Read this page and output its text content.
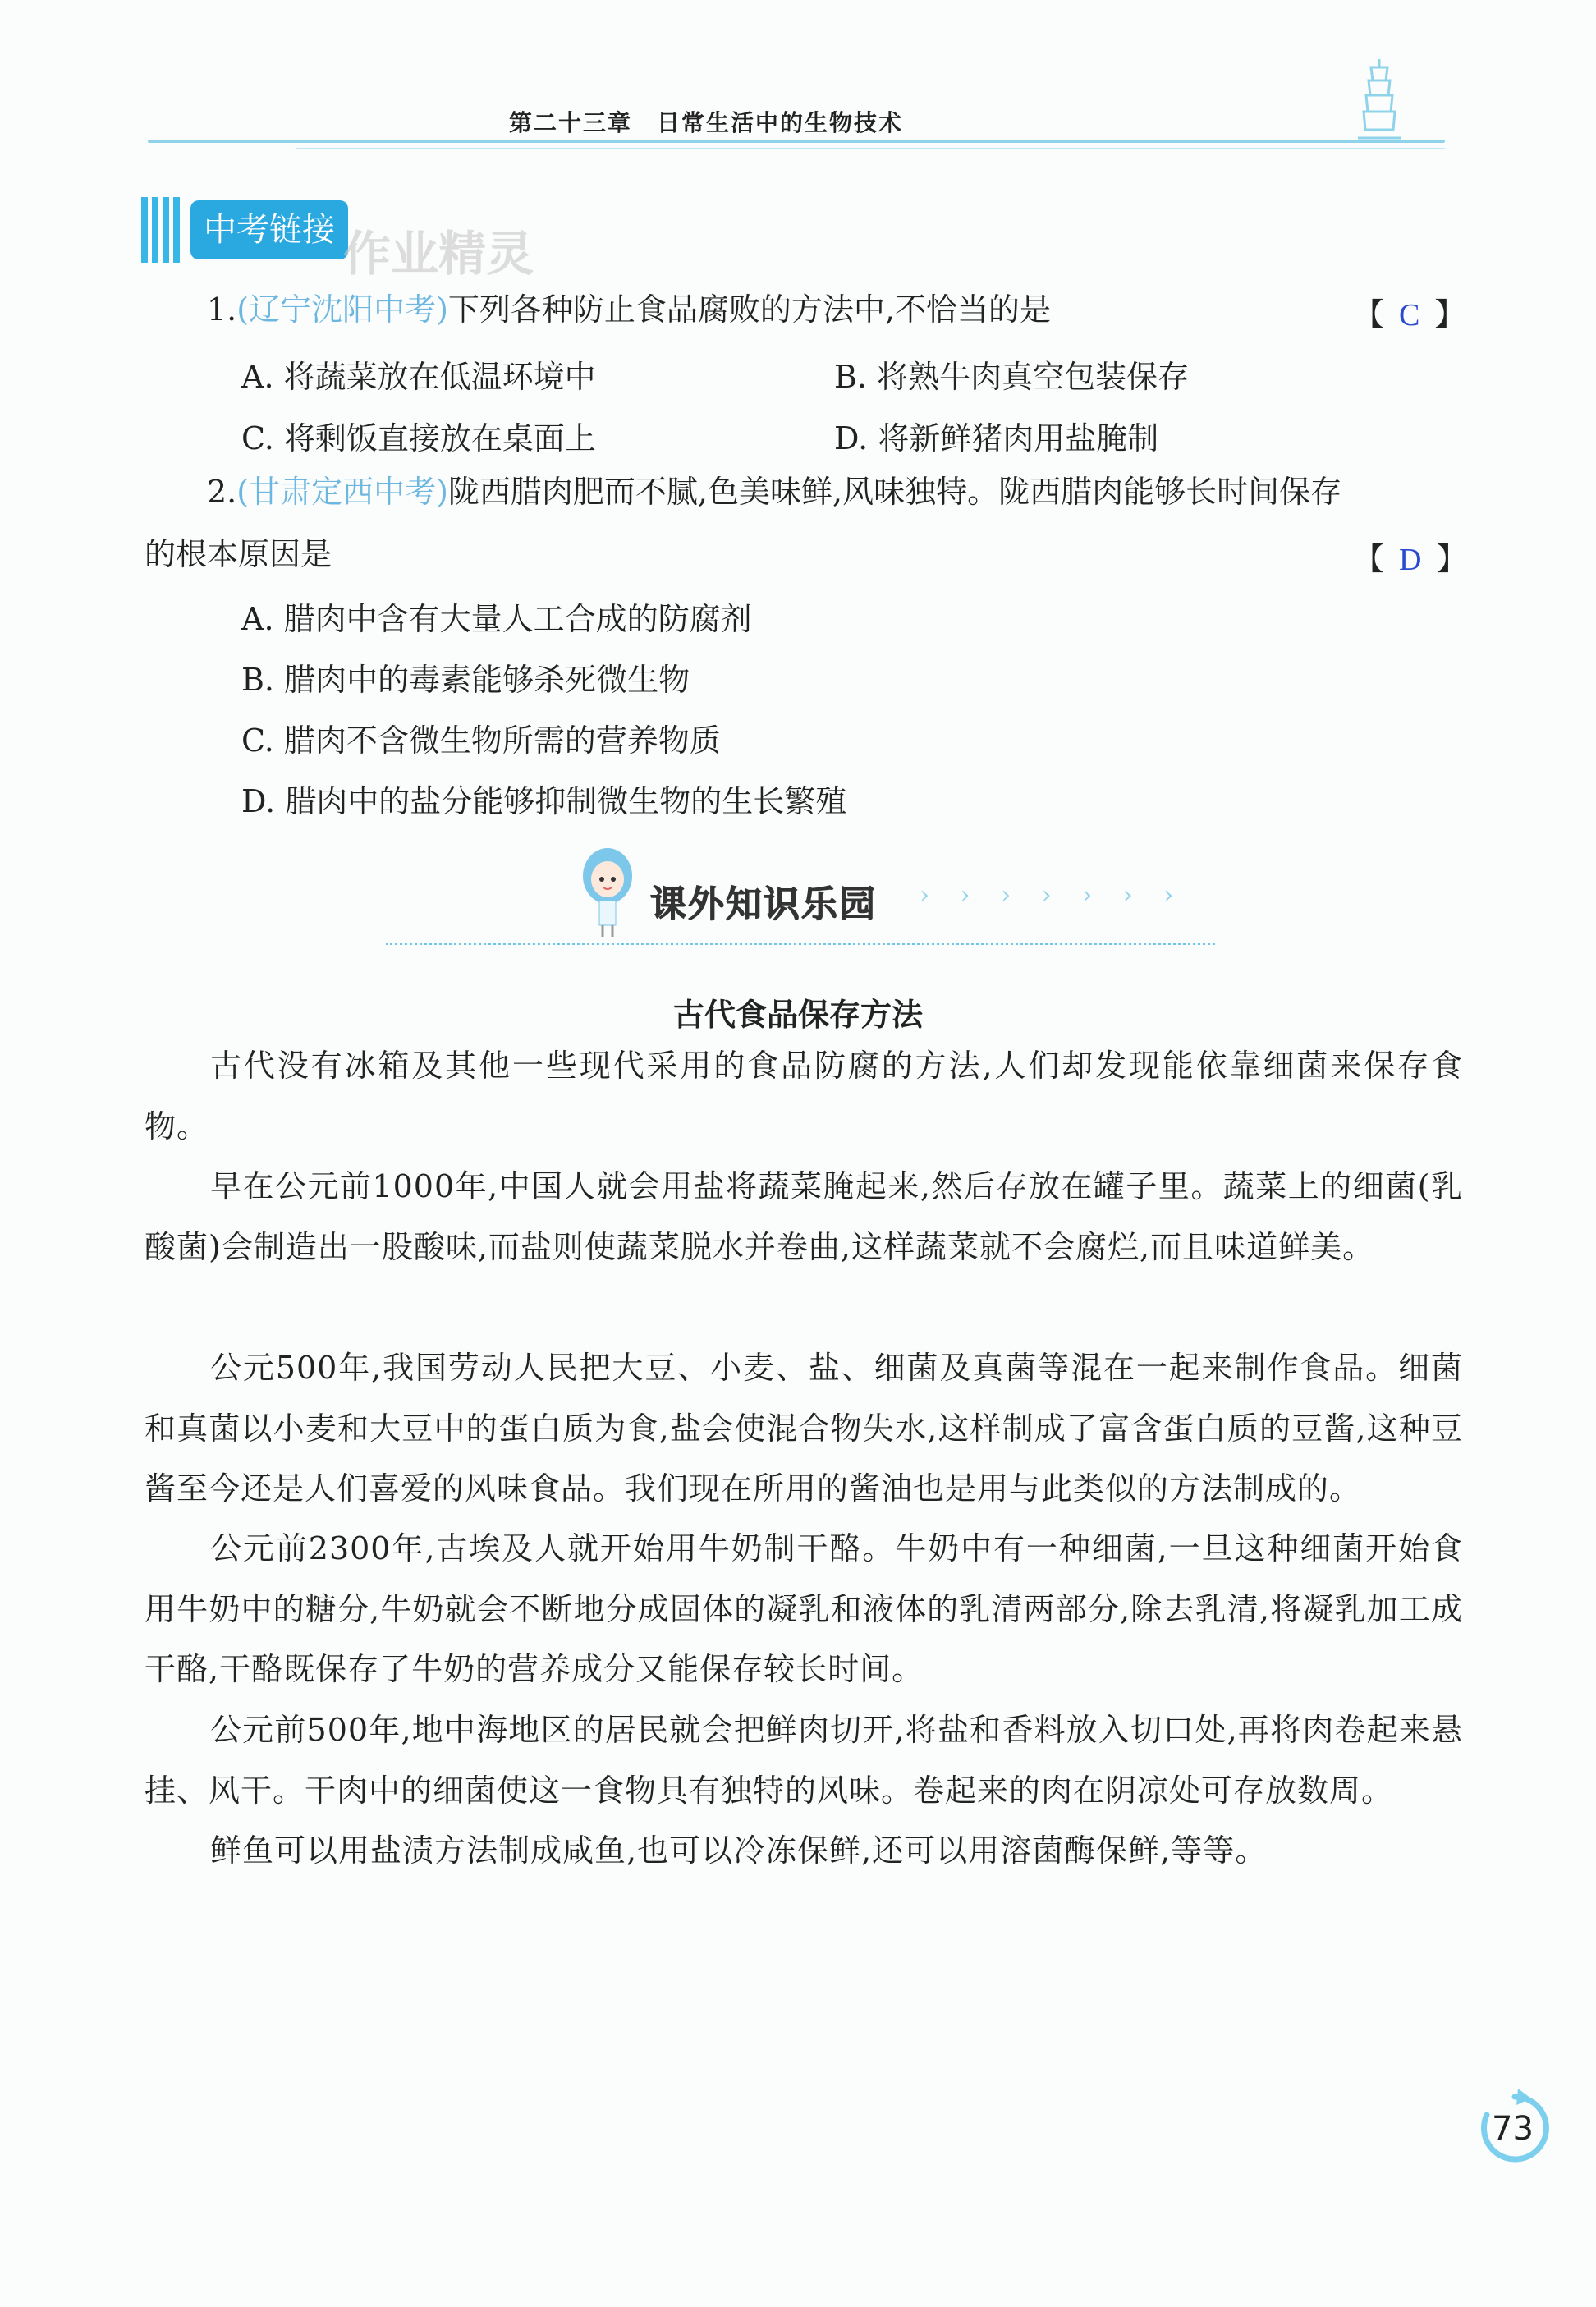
第二十三章　日常生活中的生物技术
中考链接 作业精灵
1.(辽宁沈阳中考)下列各种防止食品腐败的方法中,不恰当的是	【 C 】
A. 将蔬菜放在低温环境中	B. 将熟牛肉真空包装保存
C. 将剩饭直接放在桌面上	D. 将新鲜猪肉用盐腌制
2.(甘肃定西中考)陇西腊肉肥而不腻,色美味鲜,风味独特。陇西腊肉能够长时间保存
的根本原因是	【 D 】
A. 腊肉中含有大量人工合成的防腐剂
B. 腊肉中的毒素能够杀死微生物
C. 腊肉不含微生物所需的营养物质
D. 腊肉中的盐分能够抑制微生物的生长繁殖
课外知识乐园 › › › › › › ›
古代食品保存方法
古代没有冰箱及其他一些现代采用的食品防腐的方法,人们却发现能依靠细菌来保存食物。
早在公元前1000年,中国人就会用盐将蔬菜腌起来,然后存放在罐子里。蔬菜上的细菌(乳酸菌)会制造出一股酸味,而盐则使蔬菜脱水并卷曲,这样蔬菜就不会腐烂,而且味道鲜美。
公元500年,我国劳动人民把大豆、小麦、盐、细菌及真菌等混在一起来制作食品。细菌和真菌以小麦和大豆中的蛋白质为食,盐会使混合物失水,这样制成了富含蛋白质的豆酱,这种豆酱至今还是人们喜爱的风味食品。我们现在所用的酱油也是用与此类似的方法制成的。
公元前2300年,古埃及人就开始用牛奶制干酪。牛奶中有一种细菌,一旦这种细菌开始食用牛奶中的糖分,牛奶就会不断地分成固体的凝乳和液体的乳清两部分,除去乳清,将凝乳加工成干酪,干酪既保存了牛奶的营养成分又能保存较长时间。
公元前500年,地中海地区的居民就会把鲜肉切开,将盐和香料放入切口处,再将肉卷起来悬挂、风干。干肉中的细菌使这一食物具有独特的风味。卷起来的肉在阴凉处可存放数周。
鲜鱼可以用盐渍方法制成咸鱼,也可以冷冻保鲜,还可以用溶菌酶保鲜,等等。
73
